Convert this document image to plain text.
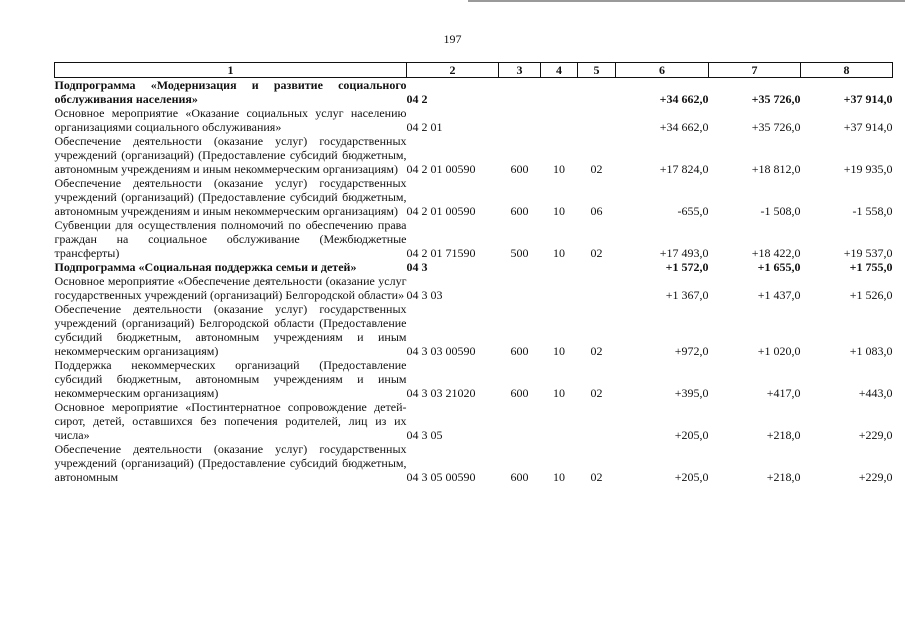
197
1	2	3	4	5	6	7	8
Подпрограмма «Модернизация и развитие социального обслуживания населения»	04 2				+34 662,0	+35 726,0	+37 914,0
Основное мероприятие «Оказание социальных услуг населению организациями социального обслуживания»	04 2 01				+34 662,0	+35 726,0	+37 914,0
Обеспечение деятельности (оказание услуг) государственных учреждений (организаций) (Предоставление субсидий бюджетным, автономным учреждениям и иным некоммерческим организациям)	04 2 01 00590	600	10	02	+17 824,0	+18 812,0	+19 935,0
Обеспечение деятельности (оказание услуг) государственных учреждений (организаций) (Предоставление субсидий бюджетным, автономным учреждениям и иным некоммерческим организациям)	04 2 01 00590	600	10	06	-655,0	-1 508,0	-1 558,0
Субвенции для осуществления полномочий по обеспечению права граждан на социальное обслуживание (Межбюджетные трансферты)	04 2 01 71590	500	10	02	+17 493,0	+18 422,0	+19 537,0
Подпрограмма «Социальная поддержка семьи и детей»	04 3				+1 572,0	+1 655,0	+1 755,0
Основное мероприятие «Обеспечение деятельности (оказание услуг государственных учреждений (организаций) Белгородской области»	04 3 03				+1 367,0	+1 437,0	+1 526,0
Обеспечение деятельности (оказание услуг) государственных учреждений (организаций) Белгородской области (Предоставление субсидий бюджетным, автономным учреждениям и иным некоммерческим организациям)	04 3 03 00590	600	10	02	+972,0	+1 020,0	+1 083,0
Поддержка некоммерческих организаций (Предоставление субсидий бюджетным, автономным учреждениям и иным некоммерческим организациям)	04 3 03 21020	600	10	02	+395,0	+417,0	+443,0
Основное мероприятие «Постинтернатное сопровождение детей-сирот, детей, оставшихся без попечения родителей, лиц из их числа»	04 3 05				+205,0	+218,0	+229,0
Обеспечение деятельности (оказание услуг) государственных учреждений (организаций) (Предоставление субсидий бюджетным, автономным	04 3 05 00590	600	10	02	+205,0	+218,0	+229,0
